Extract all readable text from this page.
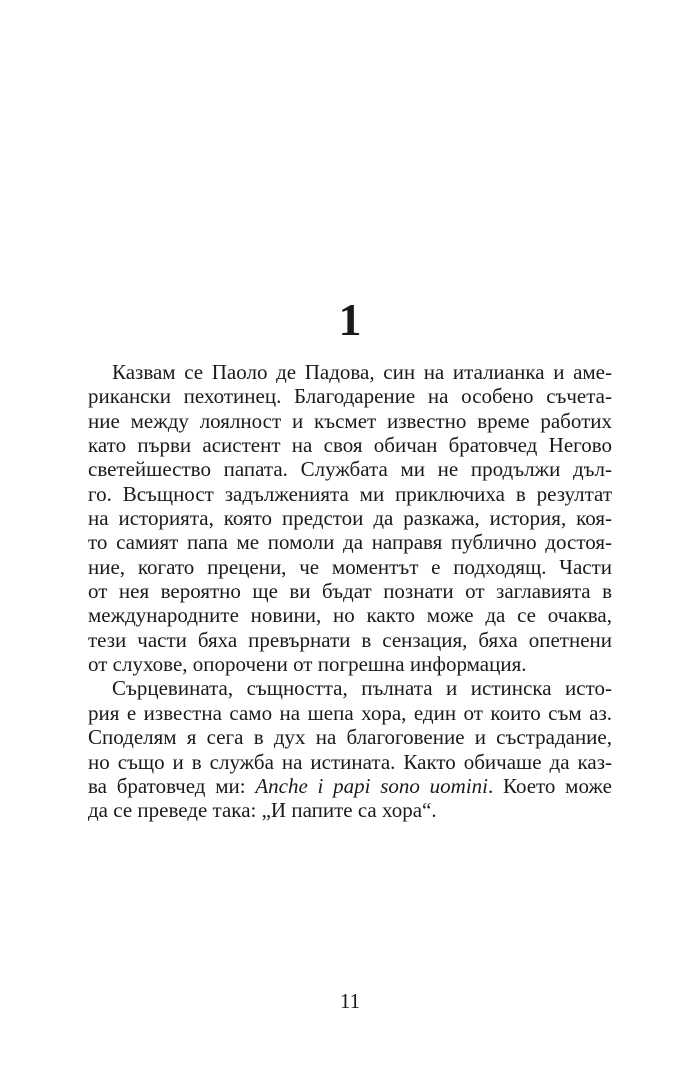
1
Казвам се Паоло де Падова, син на италианка и аме-
рикански пехотинец. Благодарение на особено съчета-
ние между лоялност и късмет известно време работих
като първи асистент на своя обичан братовчед Негово
светейшество папата. Службата ми не продължи дъл-
го. Всъщност задълженията ми приключиха в резултат
на историята, която предстои да разкажа, история, коя-
то самият папа ме помоли да направя публично достоя-
ние, когато прецени, че моментът е подходящ. Части
от нея вероятно ще ви бъдат познати от заглавията в
международните новини, но както може да се очаква,
тези части бяха превърнати в сензация, бяха опетнени
от слухове, опорочени от погрешна информация.
Сърцевината, същността, пълната и истинска исто-
рия е известна само на шепа хора, един от които съм аз.
Споделям я сега в дух на благоговение и състрадание,
но също и в служба на истината. Както обичаше да каз-
ва братовчед ми: Anche i papi sono uomini. Което може
да се преведе така: „И папите са хора“.
11
